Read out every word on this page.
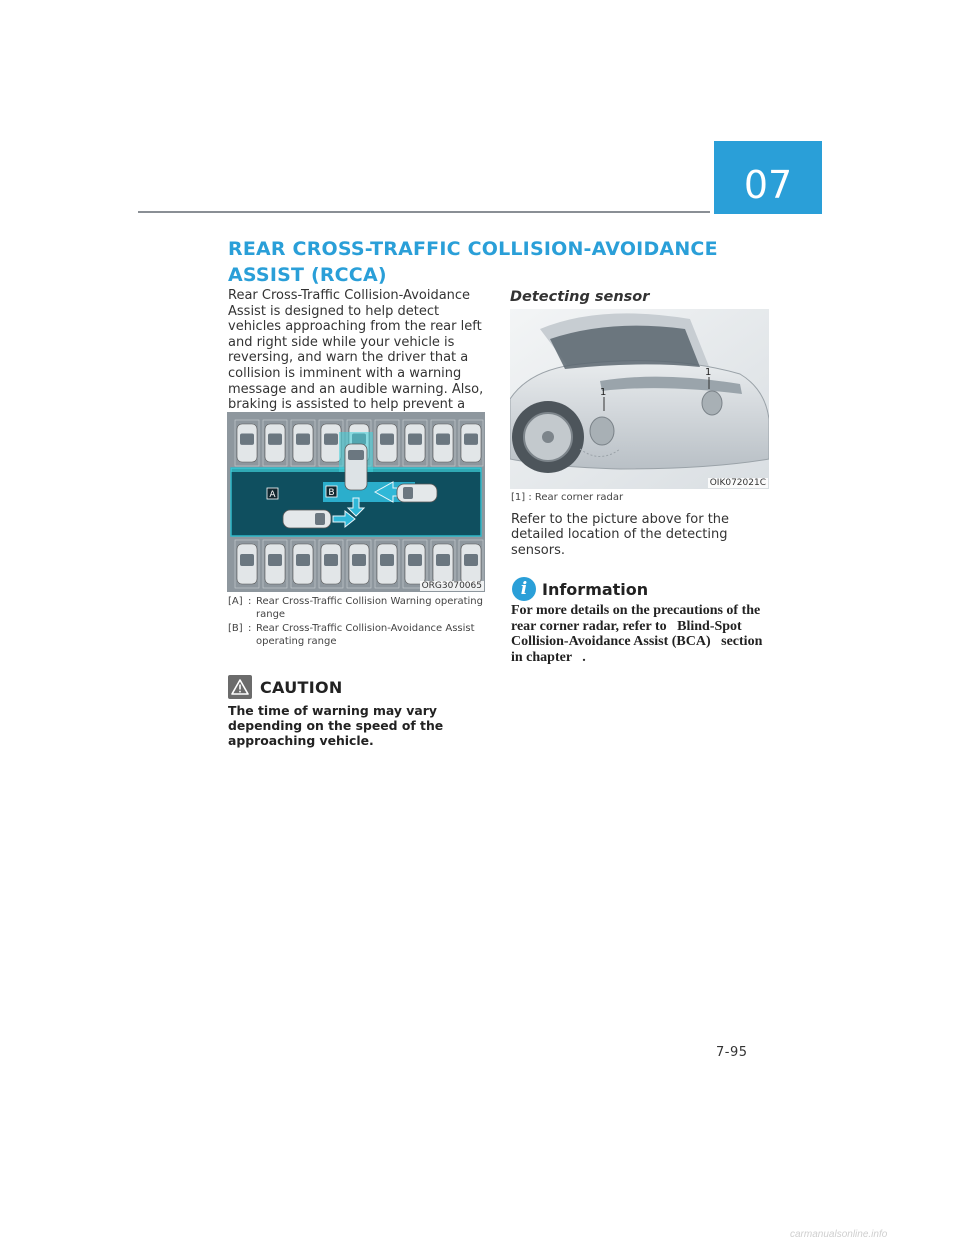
07
REAR CROSS-TRAFFIC COLLISION-AVOIDANCE ASSIST (RCCA)

Rear Cross-Traffic Collision-Avoidance Assist is designed to help detect vehicles approaching from the rear left and right side while your vehicle is reversing, and warn the driver that a collision is imminent with a warning message and an audible warning. Also, braking is assisted to help prevent a

A	B
ORG3070065
[A] : Rear Cross-Traffic Collision Warning operating range
[B] : Rear Cross-Traffic Collision-Avoidance Assist operating range
CAUTION

The time of warning may vary depending on the speed of the approaching vehicle.

Detecting sensor
1
1
OIK072021C

[1] : Rear corner radar

Refer to the picture above for the detailed location of the detecting sensors.

i Information

For more details on the precautions of the rear corner radar, refer to   Blind-Spot Collision-Avoidance Assist (BCA)   section in chapter   .

7-95

carmanualsonline.info
